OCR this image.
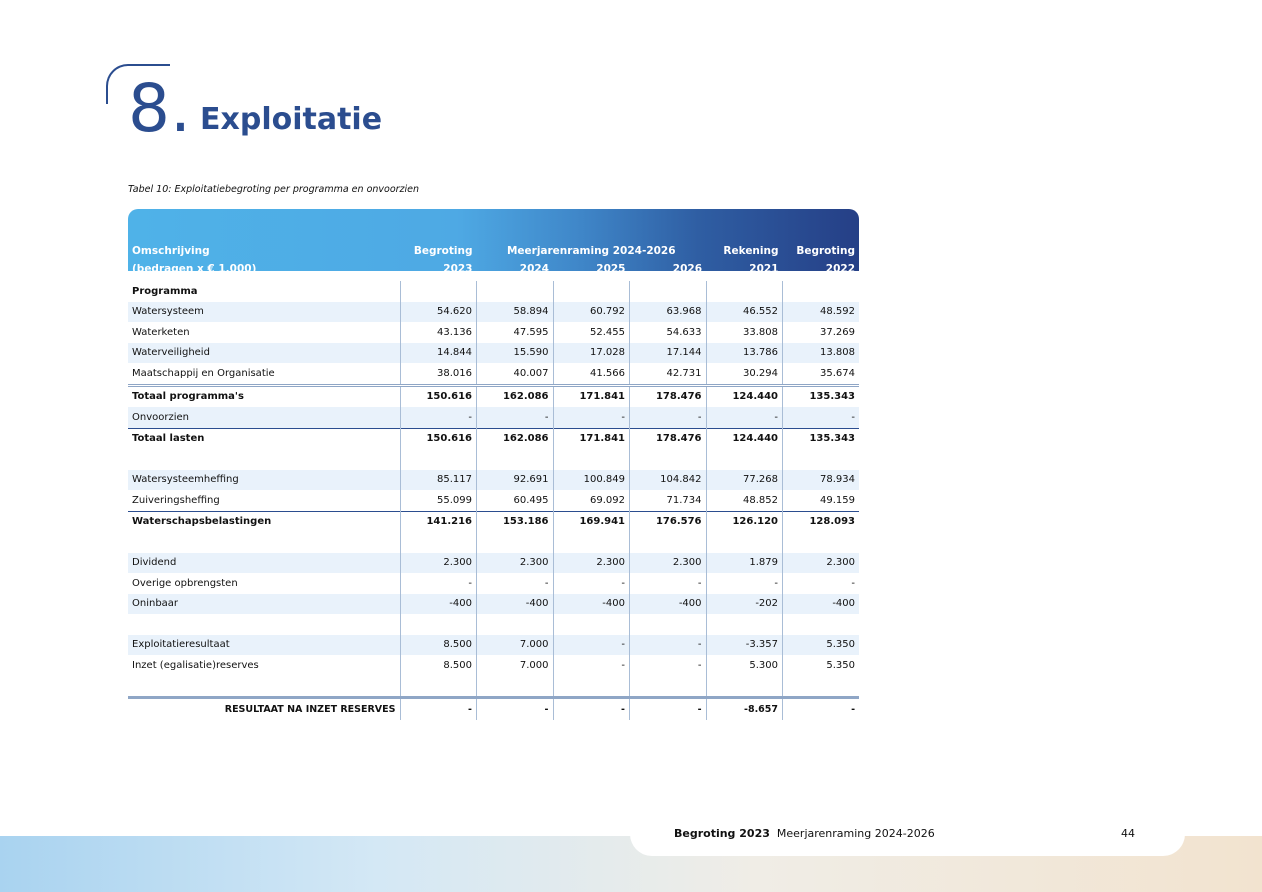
8. Exploitatie
Tabel 10: Exploitatiebegroting per programma en onvoorzien
Omschrijving	Begroting	Meerjarenraming 2024-2026			Rekening	Begroting
(bedragen x € 1.000)	2023	2024	2025	2026	2021	2022
Programma						
Watersysteem	54.620	58.894	60.792	63.968	46.552	48.592
Waterketen	43.136	47.595	52.455	54.633	33.808	37.269
Waterveiligheid	14.844	15.590	17.028	17.144	13.786	13.808
Maatschappij en Organisatie	38.016	40.007	41.566	42.731	30.294	35.674
Totaal programma's	150.616	162.086	171.841	178.476	124.440	135.343
Onvoorzien	-	-	-	-	-	-
Totaal lasten	150.616	162.086	171.841	178.476	124.440	135.343

Watersysteemheffing	85.117	92.691	100.849	104.842	77.268	78.934
Zuiveringsheffing	55.099	60.495	69.092	71.734	48.852	49.159
Waterschapsbelastingen	141.216	153.186	169.941	176.576	126.120	128.093

Dividend	2.300	2.300	2.300	2.300	1.879	2.300
Overige opbrengsten	-	-	-	-	-	-
Oninbaar	-400	-400	-400	-400	-202	-400

Exploitatieresultaat	8.500	7.000	-	-	-3.357	5.350
Inzet (egalisatie)reserves	8.500	7.000	-	-	5.300	5.350

RESULTAAT NA INZET RESERVES	-	-	-	-	-8.657	-
Begroting 2023 Meerjarenraming 2024-2026	44
